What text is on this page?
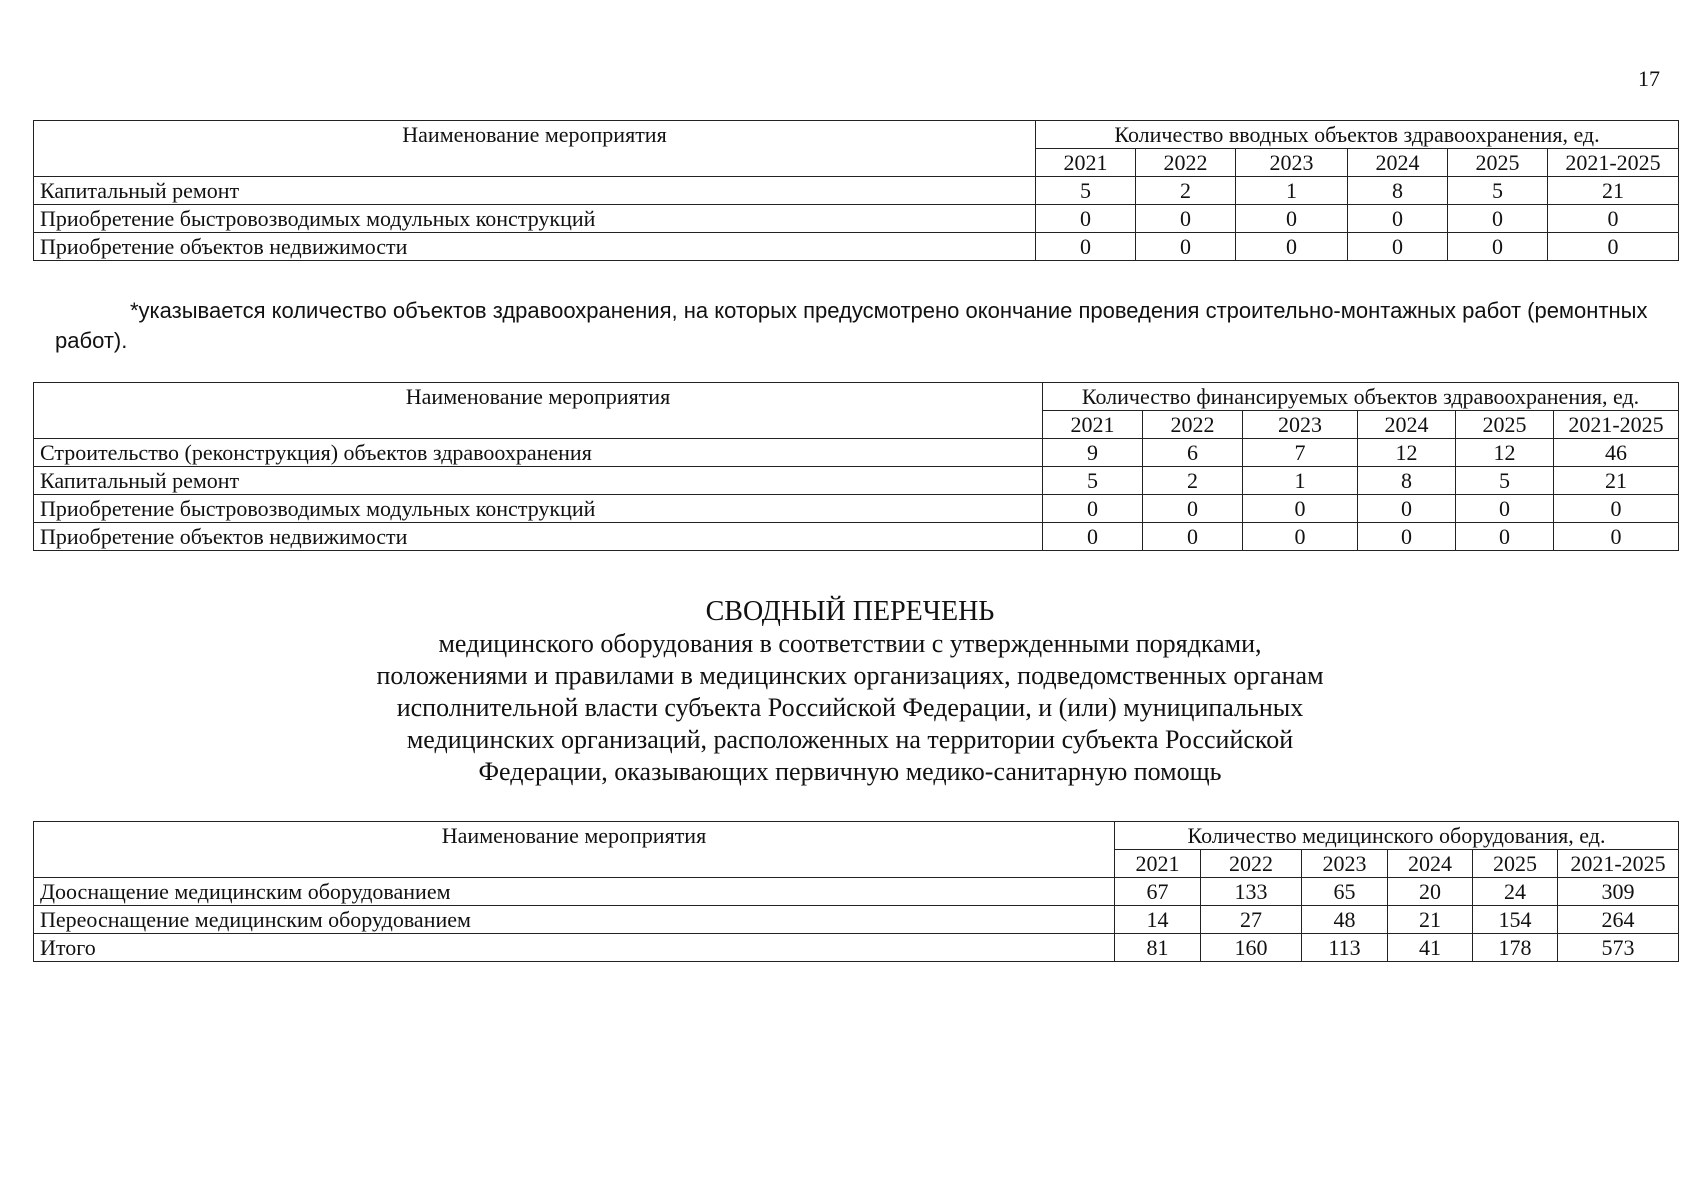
17
Наименование мероприятия	Количество вводных объектов здравоохранения, ед.					
	2021	2022	2023	2024	2025	2021-2025
Капитальный ремонт	5	2	1	8	5	21
Приобретение быстровозводимых модульных конструкций	0	0	0	0	0	0
Приобретение объектов недвижимости	0	0	0	0	0	0
*указывается количество объектов здравоохранения, на которых предусмотрено окончание проведения строительно-монтажных работ (ремонтных работ).
Наименование мероприятия	Количество финансируемых объектов здравоохранения, ед.					
	2021	2022	2023	2024	2025	2021-2025
Строительство (реконструкция) объектов здравоохранения	9	6	7	12	12	46
Капитальный ремонт	5	2	1	8	5	21
Приобретение быстровозводимых модульных конструкций	0	0	0	0	0	0
Приобретение объектов недвижимости	0	0	0	0	0	0
СВОДНЫЙ ПЕРЕЧЕНЬ
медицинского оборудования в соответствии с утвержденными порядками,
положениями и правилами в медицинских организациях, подведомственных органам
исполнительной власти субъекта Российской Федерации, и (или) муниципальных
медицинских организаций, расположенных на территории субъекта Российской
Федерации, оказывающих первичную медико-санитарную помощь
Наименование мероприятия	Количество медицинского оборудования, ед.					
	2021	2022	2023	2024	2025	2021-2025
Дооснащение медицинским оборудованием	67	133	65	20	24	309
Переоснащение медицинским оборудованием	14	27	48	21	154	264
Итого	81	160	113	41	178	573
